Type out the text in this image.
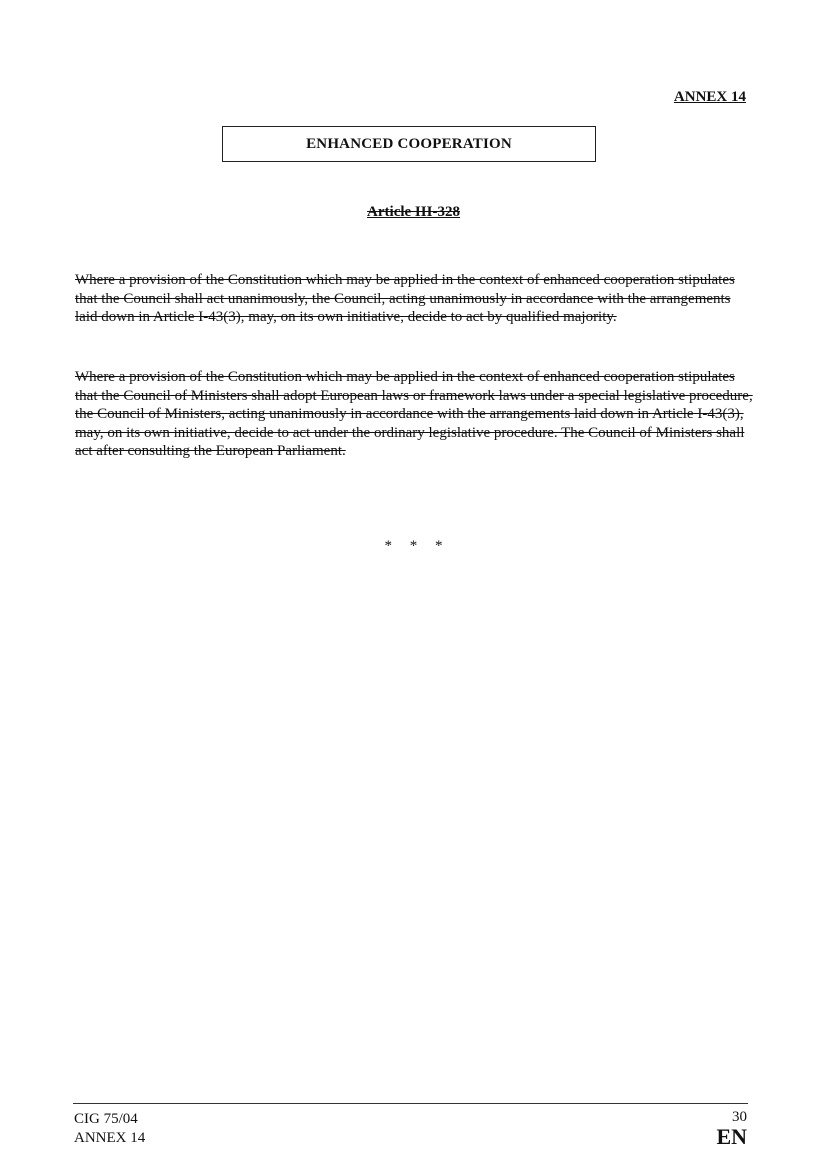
ANNEX 14
ENHANCED COOPERATION
Article III-328
Where a provision of the Constitution which may be applied in the context of enhanced cooperation stipulates that the Council shall act unanimously, the Council, acting unanimously in accordance with the arrangements laid down in Article I-43(3), may, on its own initiative, decide to act by qualified majority.
Where a provision of the Constitution which may be applied in the context of enhanced cooperation stipulates that the Council of Ministers shall adopt European laws or framework laws under a special legislative procedure, the Council of Ministers, acting unanimously in accordance with the arrangements laid down in Article I-43(3), may, on its own initiative, decide to act under the ordinary legislative procedure. The Council of Ministers shall act after consulting the European Parliament.
* * *
CIG 75/04
ANNEX 14
30
EN
